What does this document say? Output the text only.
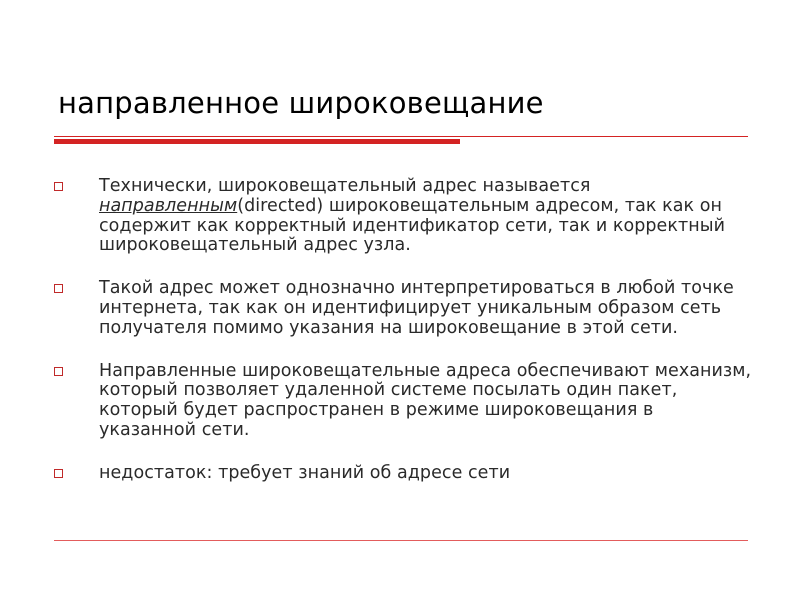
направленное широковещание
Технически, широковещательный адрес называется направленным(directed) широковещательным адресом, так как он содержит как корректный идентификатор сети, так и корректный широковещательный адрес узла.
Такой адрес может однозначно интерпретироваться в любой точке интернета, так как он идентифицирует уникальным образом сеть получателя помимо указания на широковещание в этой сети.
Направленные широковещательные адреса обеспечивают механизм, который позволяет удаленной системе посылать один пакет, который будет распространен в режиме широковещания в указанной сети.
недостаток: требует знаний об адресе сети
